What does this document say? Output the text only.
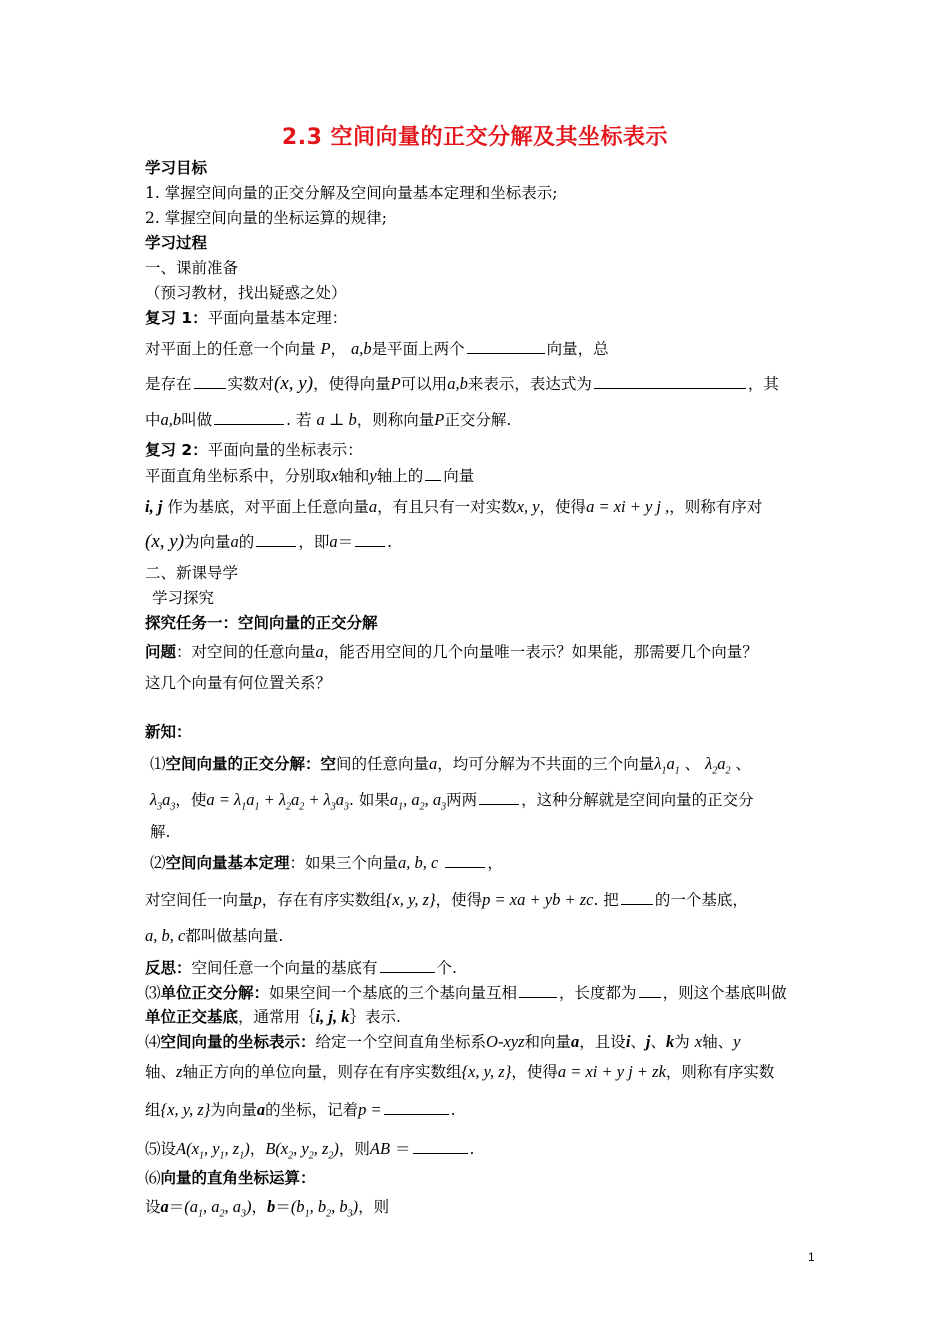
2.3 空间向量的正交分解及其坐标表示
学习目标
1. 掌握空间向量的正交分解及空间向量基本定理和坐标表示;
2. 掌握空间向量的坐标运算的规律;
学习过程
一、课前准备
（预习教材，找出疑惑之处）
复习 1：平面向量基本定理：
对平面上的任意一个向量 P， a,b是平面上两个	向量，总
是存在 实数对(x, y)，使得向量P可以用a,b来表示，表达式为	，其
中a,b叫做	. 若 a ⊥ b，则称向量P正交分解.
复习 2：平面向量的坐标表示：
平面直角坐标系中，分别取x轴和y轴上的 向量
i, j 作为基底，对平面上任意向量a，有且只有一对实数x, y，使得a = xi + y j ,，则称有序对
(x, y)为向量a的	，即a＝ .
二、新课导学
学习探究
探究任务一：空间向量的正交分解
问题：对空间的任意向量a，能否用空间的几个向量唯一表示？如果能，那需要几个向量？
这几个向量有何位置关系？
新知：
⑴空间向量的正交分解：空间的任意向量a，均可分解为不共面的三个向量$\lambda_1a_1$ 、 $\lambda_2a_2$ 、
$\lambda_3a_3$，使$a = \lambda_1a_1 + \lambda_2a_2 + \lambda_3a_3$. 如果$a_1$, $a_2$, $a_3$两两	，这种分解就是空间向量的正交分
解.
⑵空间向量基本定理：如果三个向量a, b, c	，
对空间任一向量p，存在有序实数组{x, y, z}，使得p = xa + yb + zc. 把 的一个基底，
a, b, c都叫做基向量.
反思：空间任意一个向量的基底有	个.
⑶单位正交分解：如果空间一个基底的三个基向量互相	，长度都为 ，则这个基底叫做
单位正交基底，通常用｛i, j, k｝表示.
⑷空间向量的坐标表示：给定一个空间直角坐标系O-xyz和向量a，且设i、j、k为 x轴、y
轴、z轴正方向的单位向量，则存在有序实数组{x, y, z}，使得a = xi + y j + zk，则称有序实数
组{x, y, z}为向量a的坐标，记着p =	.
⑸设$A(x_1$, $y_1$, $z_1$)，$B(x_2$, $y_2$, $z_2$)，则AB ＝	.
⑹向量的直角坐标运算：
设$a=(a_1$, $a_2$, $a_3$)，$b=(b_1$, $b_2$, $b_3$)，则
1
